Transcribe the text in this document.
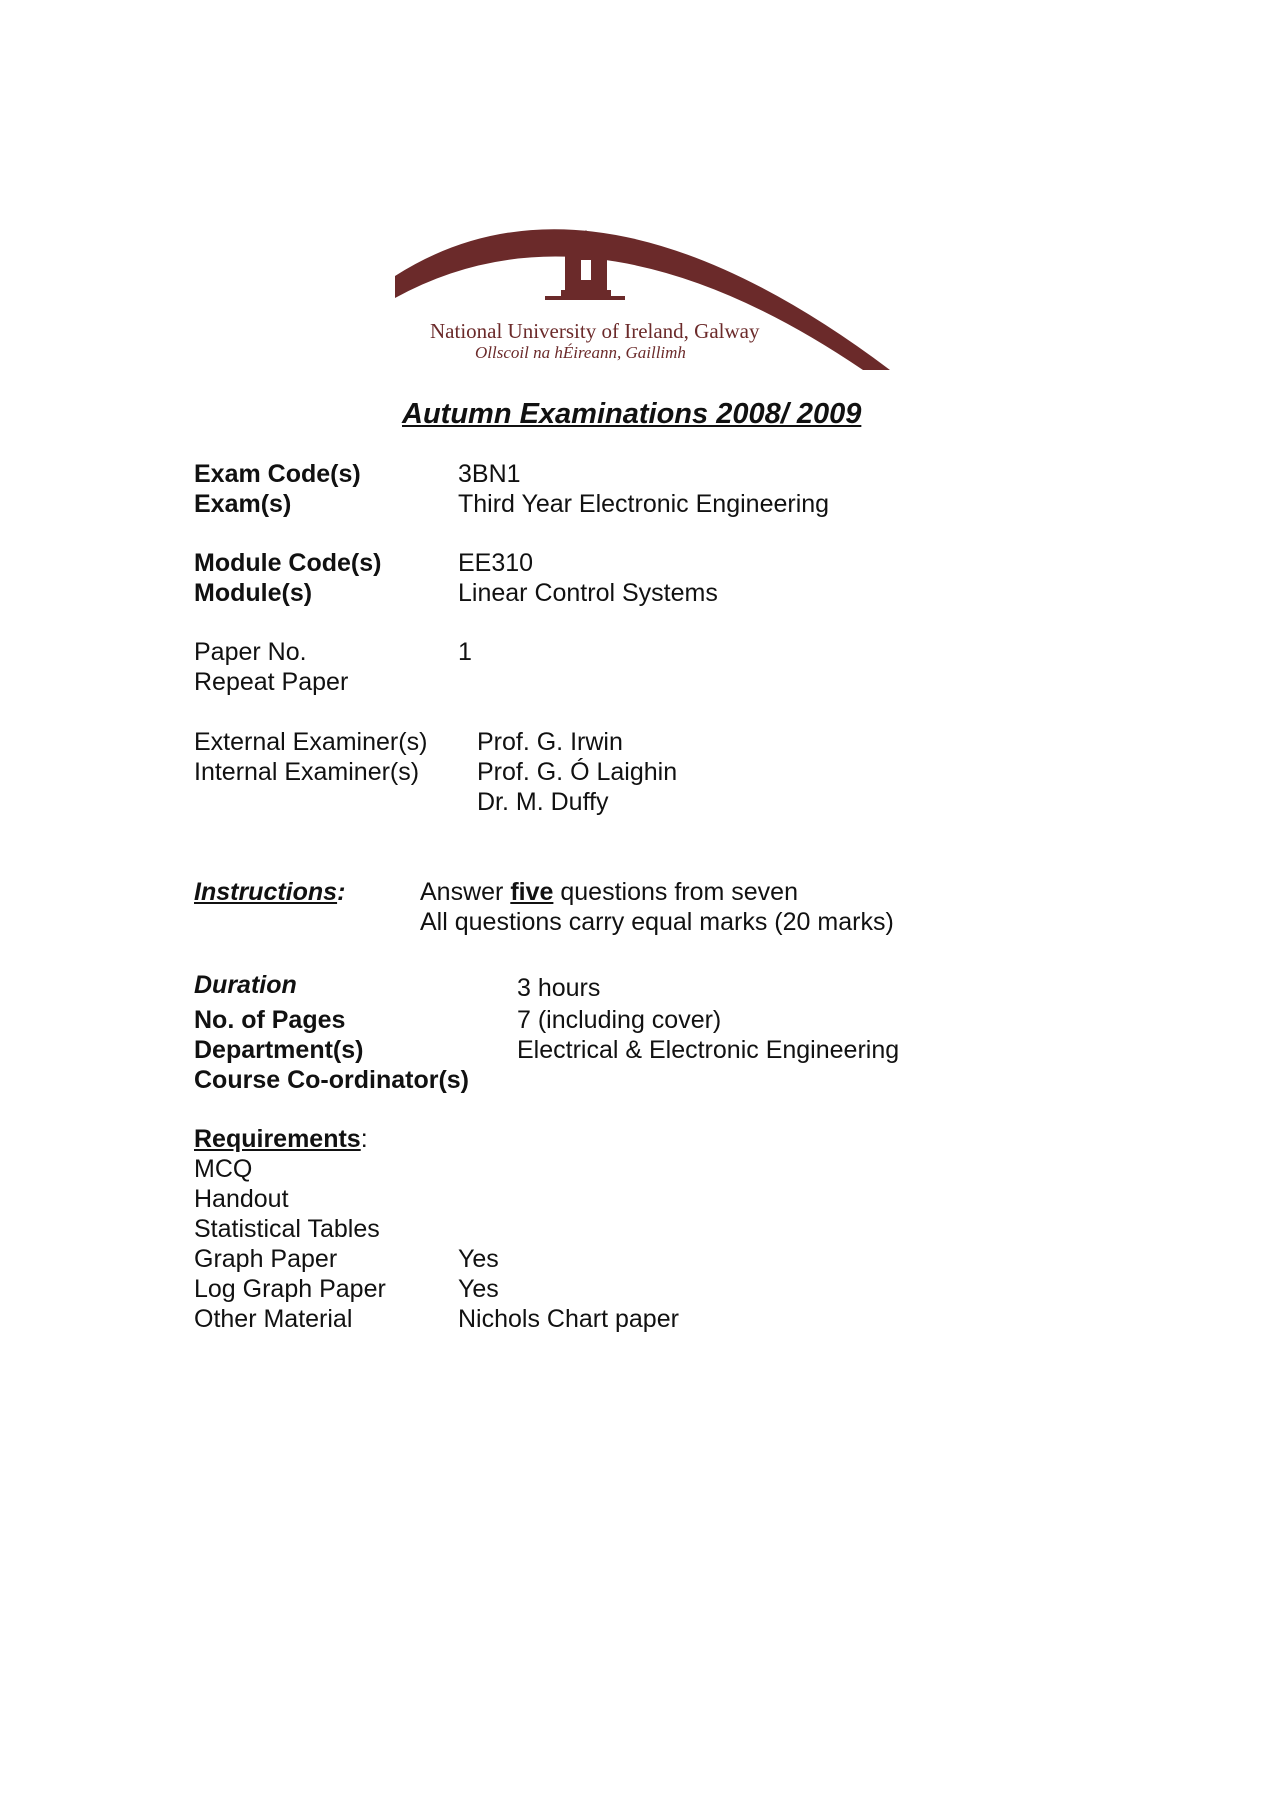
National University of Ireland, Galway
Ollscoil na hÉireann, Gaillimh
Autumn Examinations 2008/ 2009
Exam Code(s)	3BN1
Exam(s)	Third Year Electronic Engineering
Module Code(s)	EE310
Module(s)	Linear Control Systems
Paper No.	1
Repeat Paper
External Examiner(s) Prof. G. Irwin
Internal Examiner(s) Prof. G. Ó Laighin
Dr. M. Duffy
Instructions:	Answer five questions from seven
All questions carry equal marks (20 marks)
Duration	3 hours
No. of Pages	7 (including cover)
Department(s)	Electrical & Electronic Engineering
Course Co-ordinator(s)
Requirements:
MCQ
Handout
Statistical Tables
Graph Paper	Yes
Log Graph Paper	Yes
Other Material	Nichols Chart paper
